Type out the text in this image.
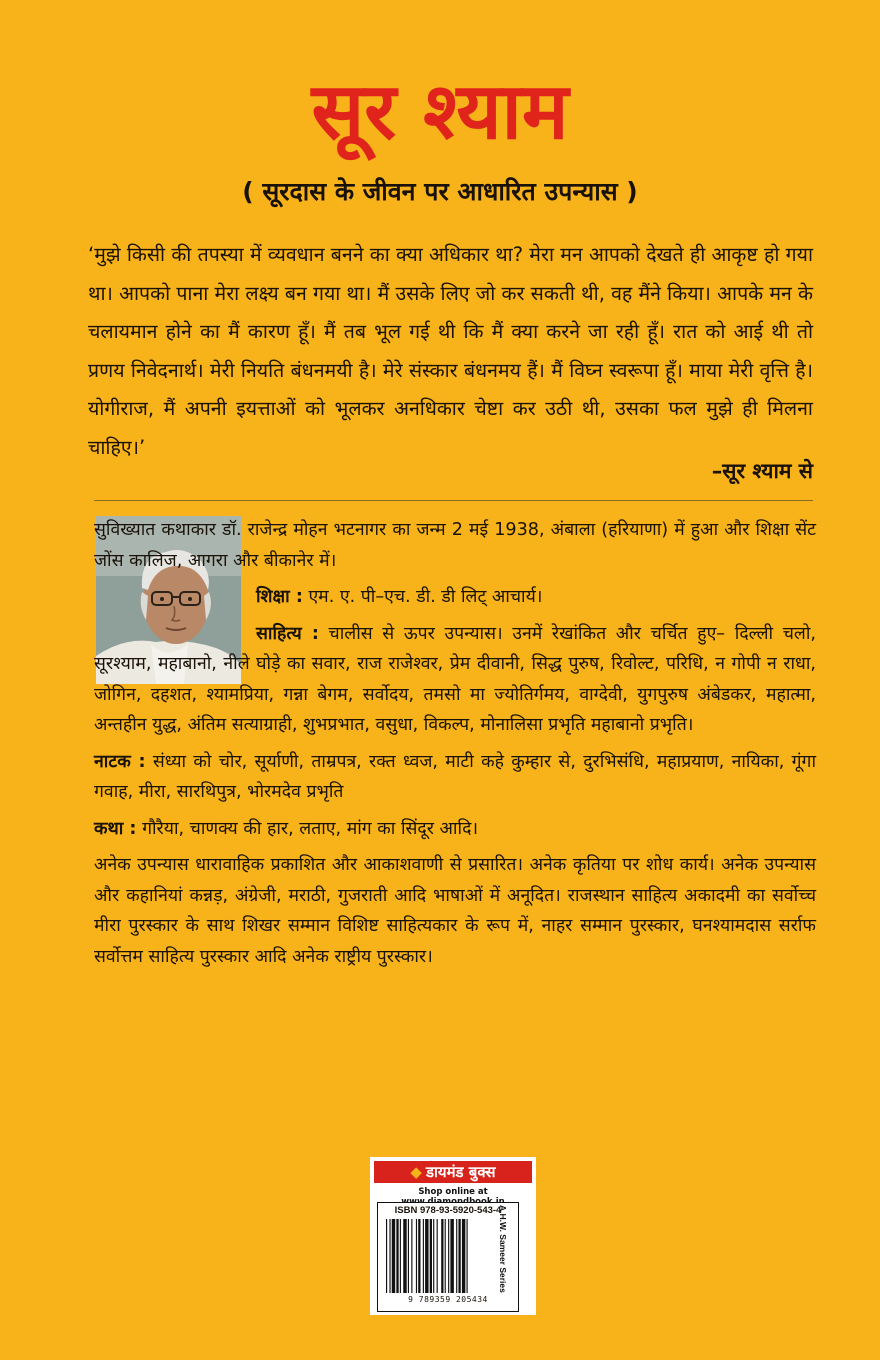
सूर श्याम
( सूरदास के जीवन पर आधारित उपन्यास )
‘मुझे किसी की तपस्या में व्यवधान बनने का क्या अधिकार था? मेरा मन आपको देखते ही आकृष्ट हो गया था। आपको पाना मेरा लक्ष्य बन गया था। मैं उसके लिए जो कर सकती थी, वह मैंने किया। आपके मन के चलायमान होने का मैं कारण हूँ। मैं तब भूल गई थी कि मैं क्या करने जा रही हूँ। रात को आई थी तो प्रणय निवेदनार्थ। मेरी नियति बंधनमयी है। मेरे संस्कार बंधनमय हैं। मैं विघ्न स्वरूपा हूँ। माया मेरी वृत्ति है। योगीराज, मैं अपनी इयत्ताओं को भूलकर अनधिकार चेष्टा कर उठी थी, उसका फल मुझे ही मिलना चाहिए।’
–सूर श्याम से

सुविख्यात कथाकार डॉ. राजेन्द्र मोहन भटनागर का जन्म 2 मई 1938, अंबाला (हरियाणा) में हुआ और शिक्षा सेंट जोंस कालिज, आगरा और बीकानेर में।

शिक्षा : एम. ए. पी–एच. डी. डी लिट् आचार्य।

साहित्य : चालीस से ऊपर उपन्यास। उनमें रेखांकित और चर्चित हुए– दिल्ली चलो, सूरश्याम, महाबानो, नीले घोड़े का सवार, राज राजेश्वर, प्रेम दीवानी, सिद्ध पुरुष, रिवोल्ट, परिधि, न गोपी न राधा, जोगिन, दहशत, श्यामप्रिया, गन्ना बेगम, सर्वोदय, तमसो मा ज्योतिर्गमय, वाग्देवी, युगपुरुष अंबेडकर, महात्मा, अन्तहीन युद्ध, अंतिम सत्याग्राही, शुभप्रभात, वसुधा, विकल्प, मोनालिसा प्रभृति महाबानो प्रभृति।

नाटक : संध्या को चोर, सूर्याणी, ताम्रपत्र, रक्त ध्वज, माटी कहे कुम्हार से, दुरभिसंधि, महाप्रयाण, नायिका, गूंगा गवाह, मीरा, सारथिपुत्र, भोरमदेव प्रभृति

कथा : गौरैया, चाणक्य की हार, लताए, मांग का सिंदूर आदि।

अनेक उपन्यास धारावाहिक प्रकाशित और आकाशवाणी से प्रसारित। अनेक कृतिया पर शोध कार्य। अनेक उपन्यास और कहानियां कन्नड़, अंग्रेजी, मराठी, गुजराती आदि भाषाओं में अनूदित। राजस्थान साहित्य अकादमी का सर्वोच्च मीरा पुरस्कार के साथ शिखर सम्मान विशिष्ट साहित्यकार के रूप में, नाहर सम्मान पुरस्कार, घनश्यामदास सर्राफ सर्वोत्तम साहित्य पुरस्कार आदि अनेक राष्ट्रीय पुरस्कार।

◆ डायमंड बुक्स
Shop online at
ISBN 978-93-5920-543-4
9 789359 205434
A.H.W. Sameer Series
